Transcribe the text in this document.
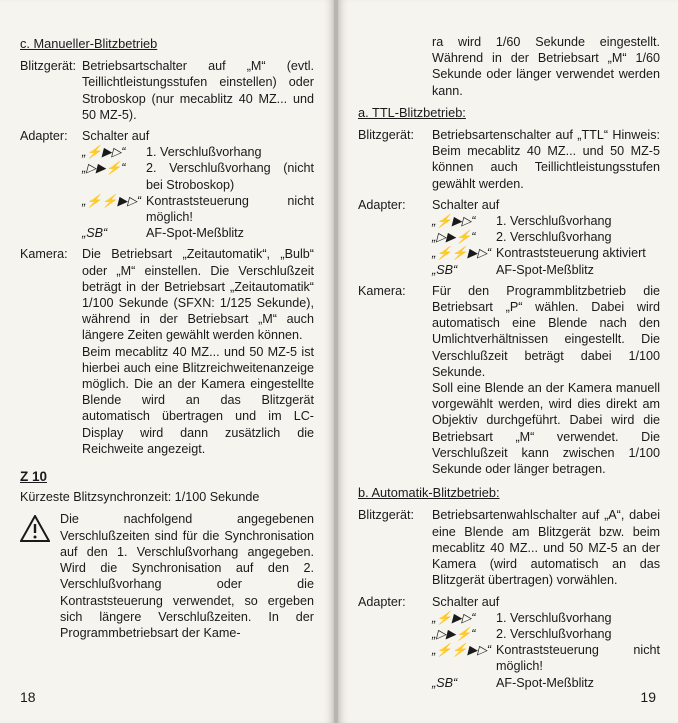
c. Manueller-Blitzbetrieb
Blitzgerät: Betriebsartschalter auf „M“ (evtl. Teillichtleistungsstufen einstellen) oder Stroboskop (nur mecablitz 40 MZ... und 50 MZ-5).
Adapter:	Schalter auf
„⚡▶▷“	1. Verschlußvorhang
„▷▶⚡“	2. Verschlußvorhang (nicht bei Stroboskop)
„⚡⚡▶▷“ Kontraststeuerung nicht möglich!
„SB“	AF-Spot-Meßblitz
Kamera:	Die Betriebsart „Zeitautomatik“, „Bulb“ oder „M“ einstellen. Die Verschlußzeit beträgt in der Betriebsart „Zeitautomatik“ 1/100 Sekunde (SFXN: 1/125 Sekunde), während in der Betriebsart „M“ auch längere Zeiten gewählt werden können.
Beim mecablitz 40 MZ... und 50 MZ-5 ist hierbei auch eine Blitzreichweitenanzeige möglich. Die an der Kamera eingestellte Blende wird an das Blitzgerät automatisch übertragen und im LC-Display wird dann zusätzlich die Reichweite angezeigt.
Z 10
Kürzeste Blitzsynchronzeit: 1/100 Sekunde
Die nachfolgend angegebenen Verschlußzeiten sind für die Synchronisation auf den 1. Verschlußvorhang angegeben. Wird die Synchronisation auf den 2. Verschlußvorhang oder die Kontraststeuerung verwendet, so ergeben sich längere Verschlußzeiten. In der Programmbetriebsart der Kame-
18
ra wird 1/60 Sekunde eingestellt. Während in der Betriebsart „M“ 1/60 Sekunde oder länger verwendet werden kann.
a. TTL-Blitzbetrieb:
Blitzgerät:	Betriebsartenschalter auf „TTL“ Hinweis: Beim mecablitz 40 MZ... und 50 MZ-5 können auch Teillichtleistungsstufen gewählt werden.
Adapter:	Schalter auf
„⚡▶▷“	1. Verschlußvorhang
„▷▶⚡“	2. Verschlußvorhang
„⚡⚡▶▷“ Kontraststeuerung aktiviert
„SB“	AF-Spot-Meßblitz
Kamera:	Für den Programmblitzbetrieb die Betriebsart „P“ wählen. Dabei wird automatisch eine Blende nach den Umlichtverhältnissen eingestellt. Die Verschlußzeit beträgt dabei 1/100 Sekunde.
Soll eine Blende an der Kamera manuell vorgewählt werden, wird dies direkt am Objektiv durchgeführt. Dabei wird die Betriebsart „M“ verwendet. Die Verschlußzeit kann zwischen 1/100 Sekunde oder länger betragen.
b. Automatik-Blitzbetrieb:
Blitzgerät:	Betriebsartenwahlschalter auf „A“, dabei eine Blende am Blitzgerät bzw. beim mecablitz 40 MZ... und 50 MZ-5 an der Kamera (wird automatisch an das Blitzgerät übertragen) vorwählen.
Adapter:	Schalter auf
„⚡▶▷“	1. Verschlußvorhang
„▷▶⚡“	2. Verschlußvorhang
„⚡⚡▶▷“ Kontraststeuerung nicht möglich!
„SB“	AF-Spot-Meßblitz
19
